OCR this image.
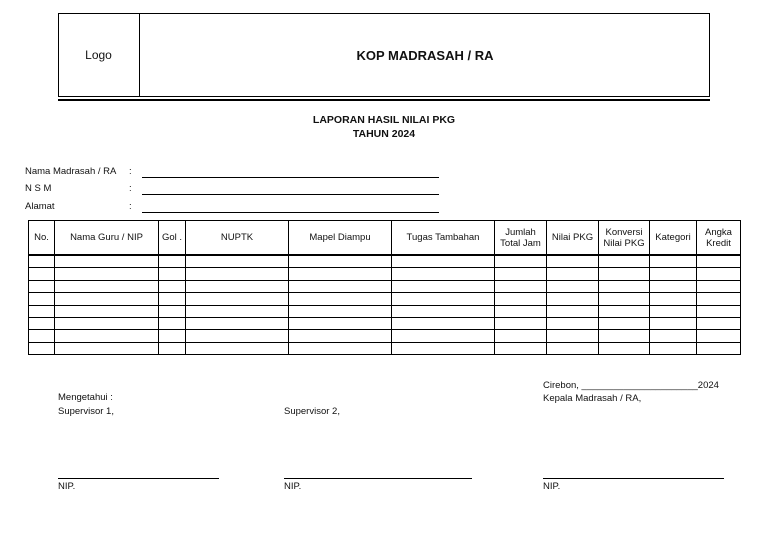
Logo	KOP MADRASAH / RA
LAPORAN HASIL NILAI PKG
TAHUN 2024
Nama Madrasah / RA :
N S M	:
Alamat	:
No.	Nama Guru / NIP	Gol .	NUPTK	Mapel Diampu	Tugas Tambahan	Jumlah Total Jam	Nilai PKG	Konversi Nilai PKG	Kategori	Angka Kredit

Mengetahui :
Supervisor 1,
NIP.
Supervisor 2,
NIP.
Cirebon, ______________________2024
Kepala Madrasah / RA,
NIP.
